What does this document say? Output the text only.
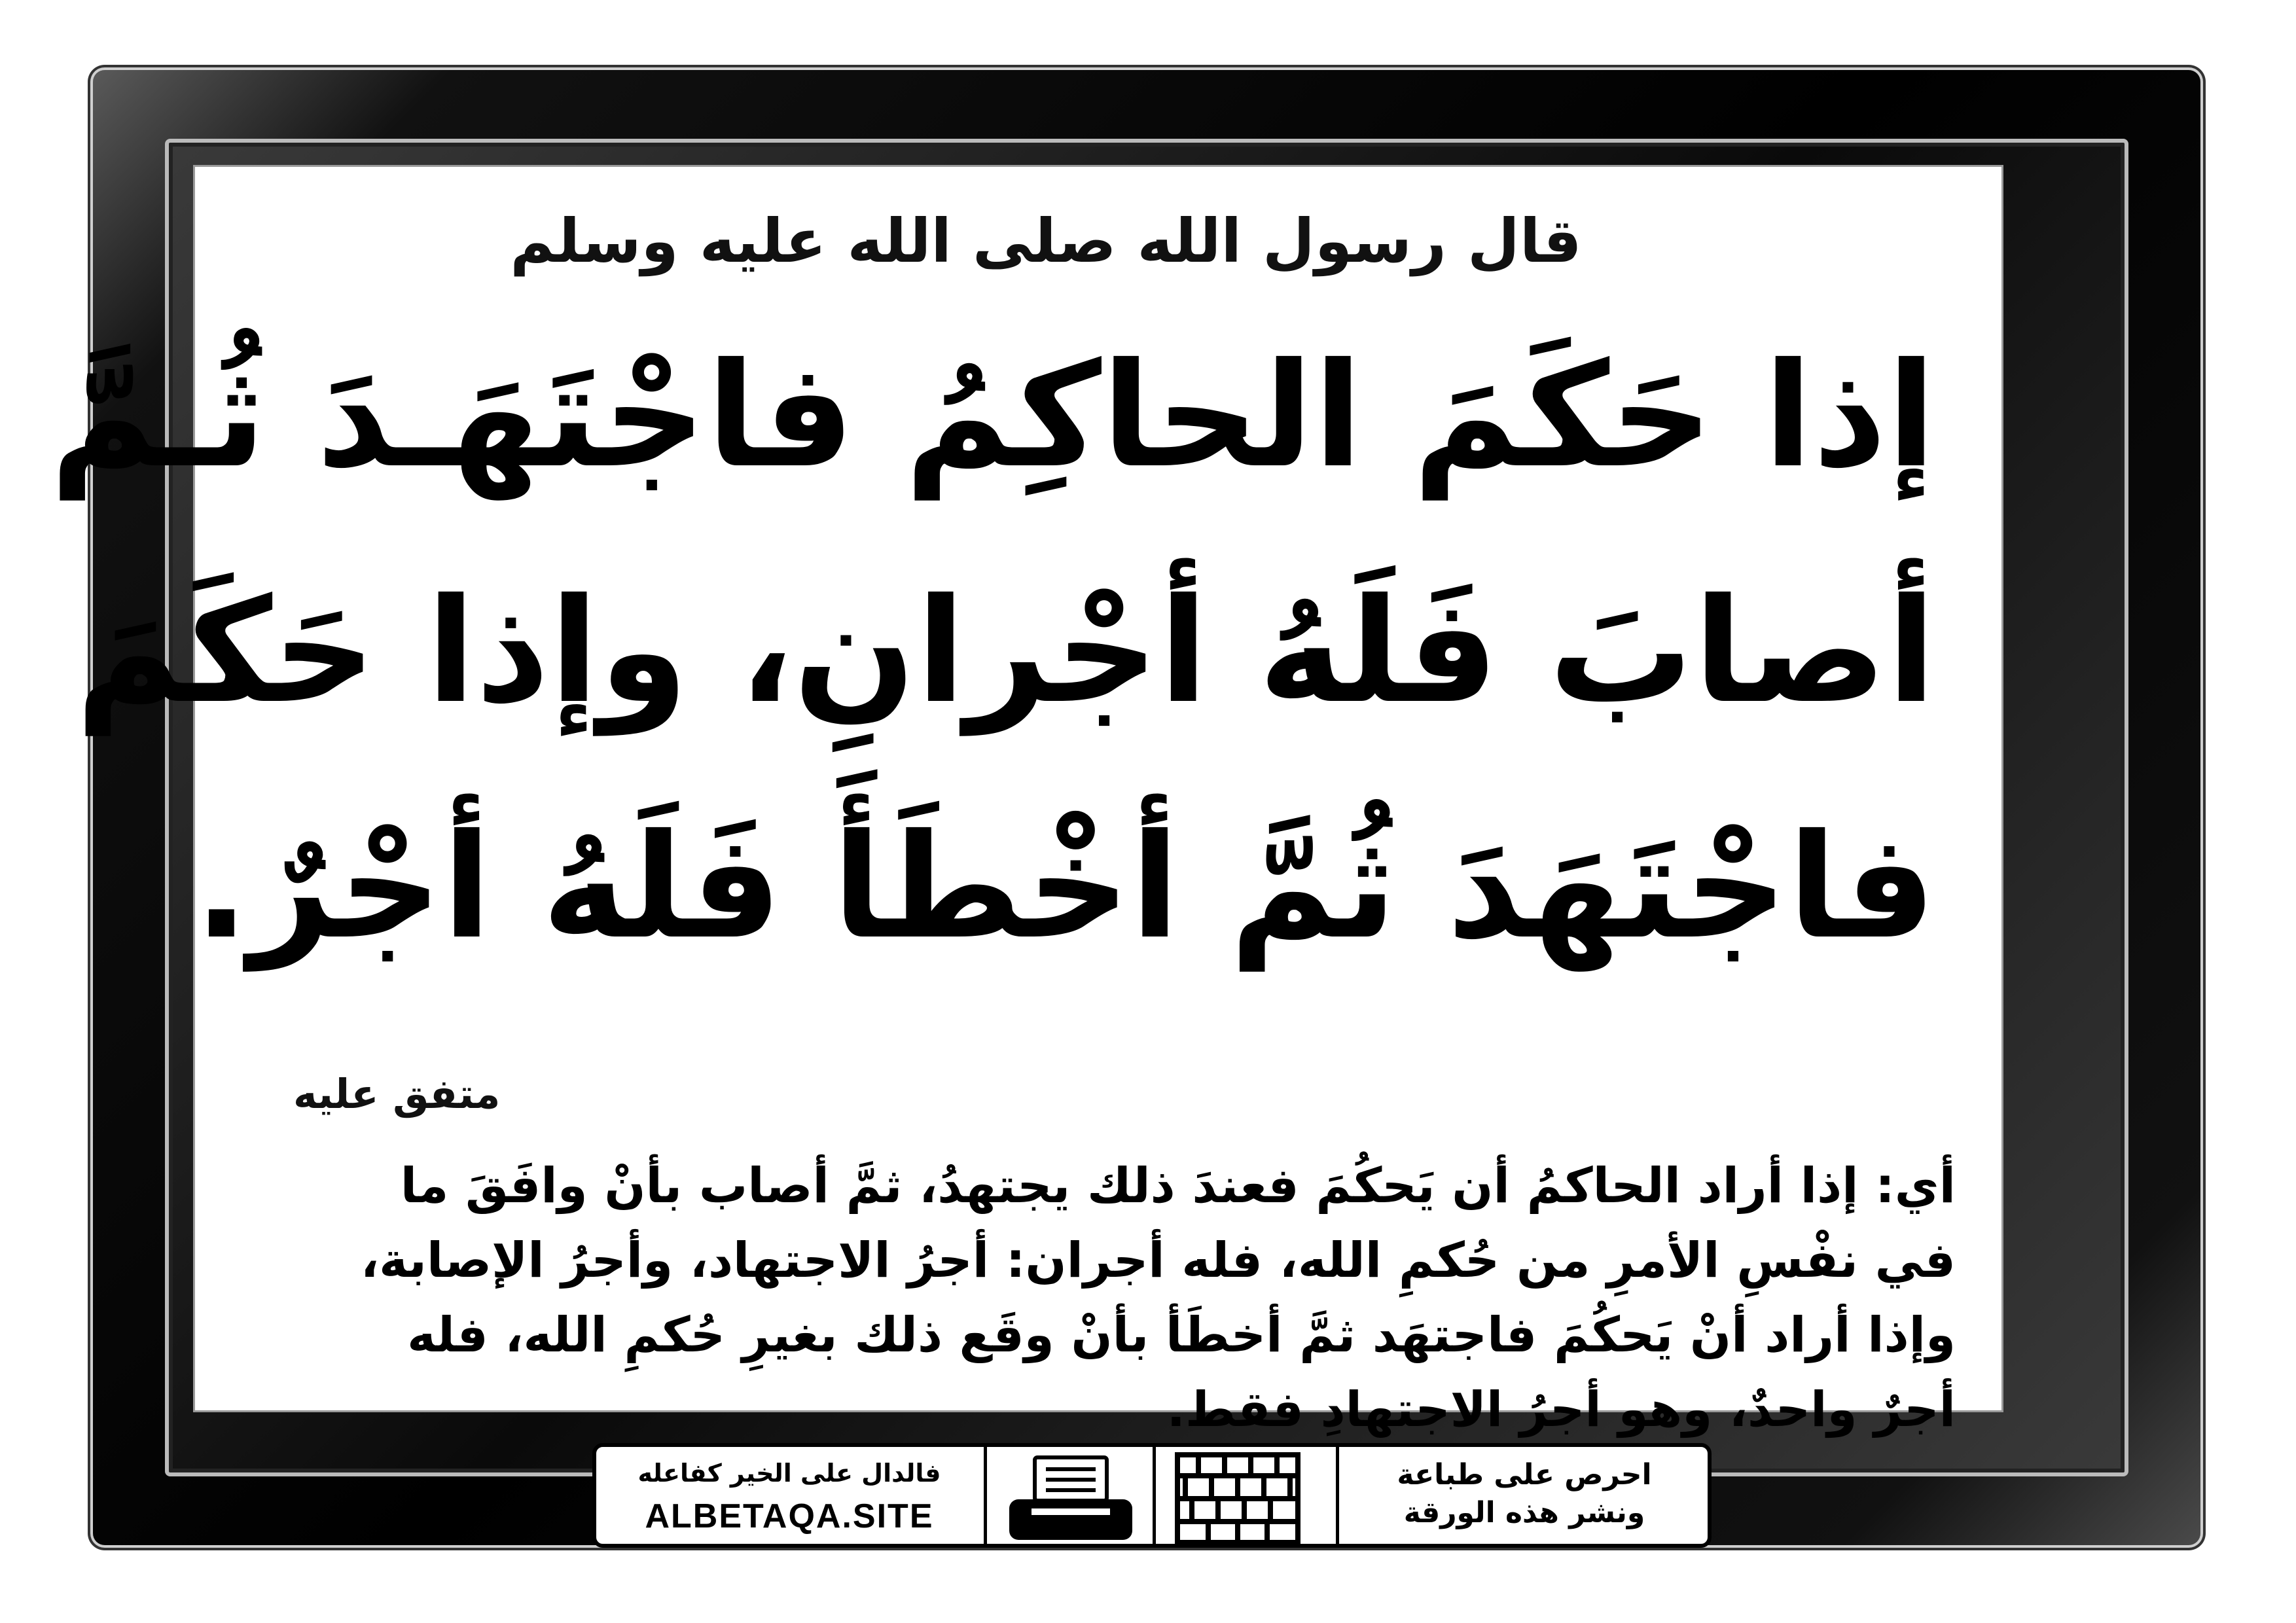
قال رسول الله صلى الله عليه وسلم
إذا حَكَمَ الحاكِمُ فاجْتَهَـدَ ثُـمَّ
أصابَ فَلَهُ أجْرانِ، وإذا حَكَمَ
فاجْتَهَدَ ثُمَّ أخْطَأَ فَلَهُ أجْرٌ.
متفق عليه
أي: إذا أراد الحاكمُ أن يَحكُمَ فعندَ ذلك يجتهدُ، ثمَّ أصاب بأنْ وافَقَ ما
في نفْسِ الأمرِ من حُكمِ الله، فله أجران: أجرُ الاجتهاد، وأجرُ الإصابة،
وإذا أراد أنْ يَحكُمَ فاجتهَد ثمَّ أخطَأ بأنْ وقَع ذلك بغيرِ حُكمِ الله، فله
أجرٌ واحدٌ، وهو أجرُ الاجتهادِ فقط.
فالدال على الخير كفاعله
ALBETAQA.SITE
احرص على طباعة
ونشر هذه الورقة
